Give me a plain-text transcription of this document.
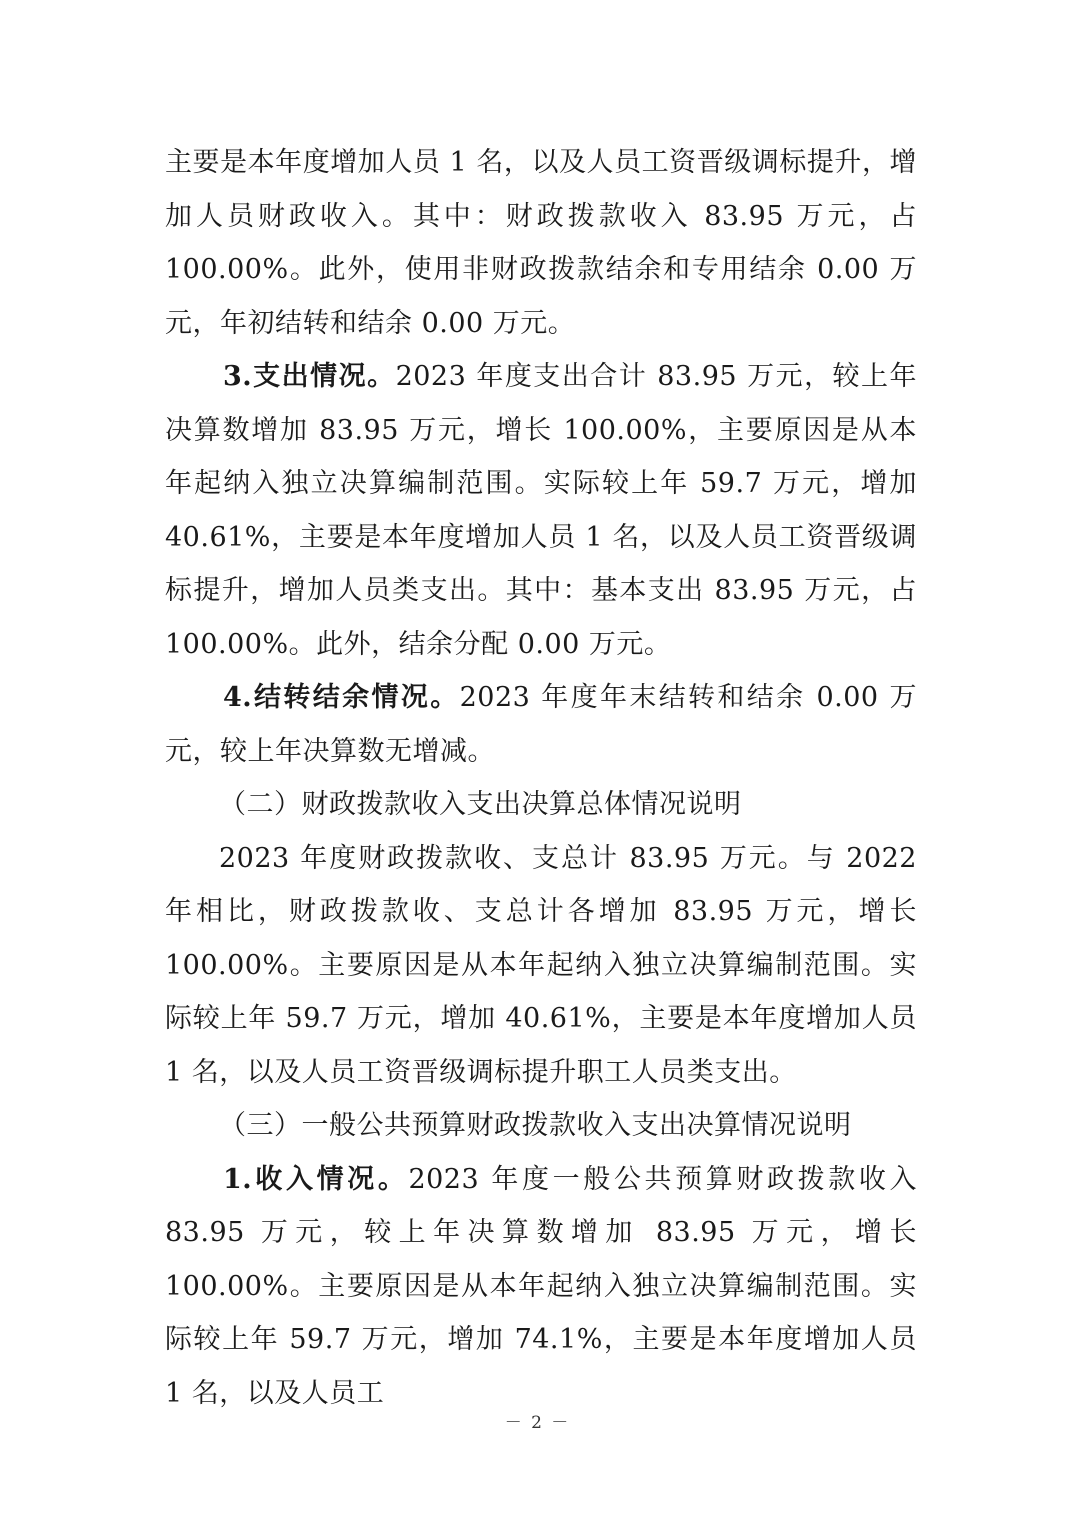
主要是本年度增加人员 1 名，以及人员工资晋级调标提升，增加人员财政收入。其中：财政拨款收入 83.95 万元，占 100.00%。此外，使用非财政拨款结余和专用结余 0.00 万元，年初结转和结余 0.00 万元。

3.支出情况。2023 年度支出合计 83.95 万元，较上年决算数增加 83.95 万元，增长 100.00%，主要原因是从本年起纳入独立决算编制范围。实际较上年 59.7 万元，增加 40.61%，主要是本年度增加人员 1 名，以及人员工资晋级调标提升，增加人员类支出。其中：基本支出 83.95 万元，占 100.00%。此外，结余分配 0.00 万元。

4.结转结余情况。2023 年度年末结转和结余 0.00 万元，较上年决算数无增减。

（二）财政拨款收入支出决算总体情况说明

2023 年度财政拨款收、支总计 83.95 万元。与 2022 年相比，财政拨款收、支总计各增加 83.95 万元，增长 100.00%。主要原因是从本年起纳入独立决算编制范围。实际较上年 59.7 万元，增加 40.61%，主要是本年度增加人员 1 名，以及人员工资晋级调标提升职工人员类支出。

（三）一般公共预算财政拨款收入支出决算情况说明

1.收入情况。2023 年度一般公共预算财政拨款收入 83.95 万元，较上年决算数增加 83.95 万元，增长 100.00%。主要原因是从本年起纳入独立决算编制范围。实际较上年 59.7 万元，增加 74.1%，主要是本年度增加人员 1 名，以及人员工

－ 2 －
